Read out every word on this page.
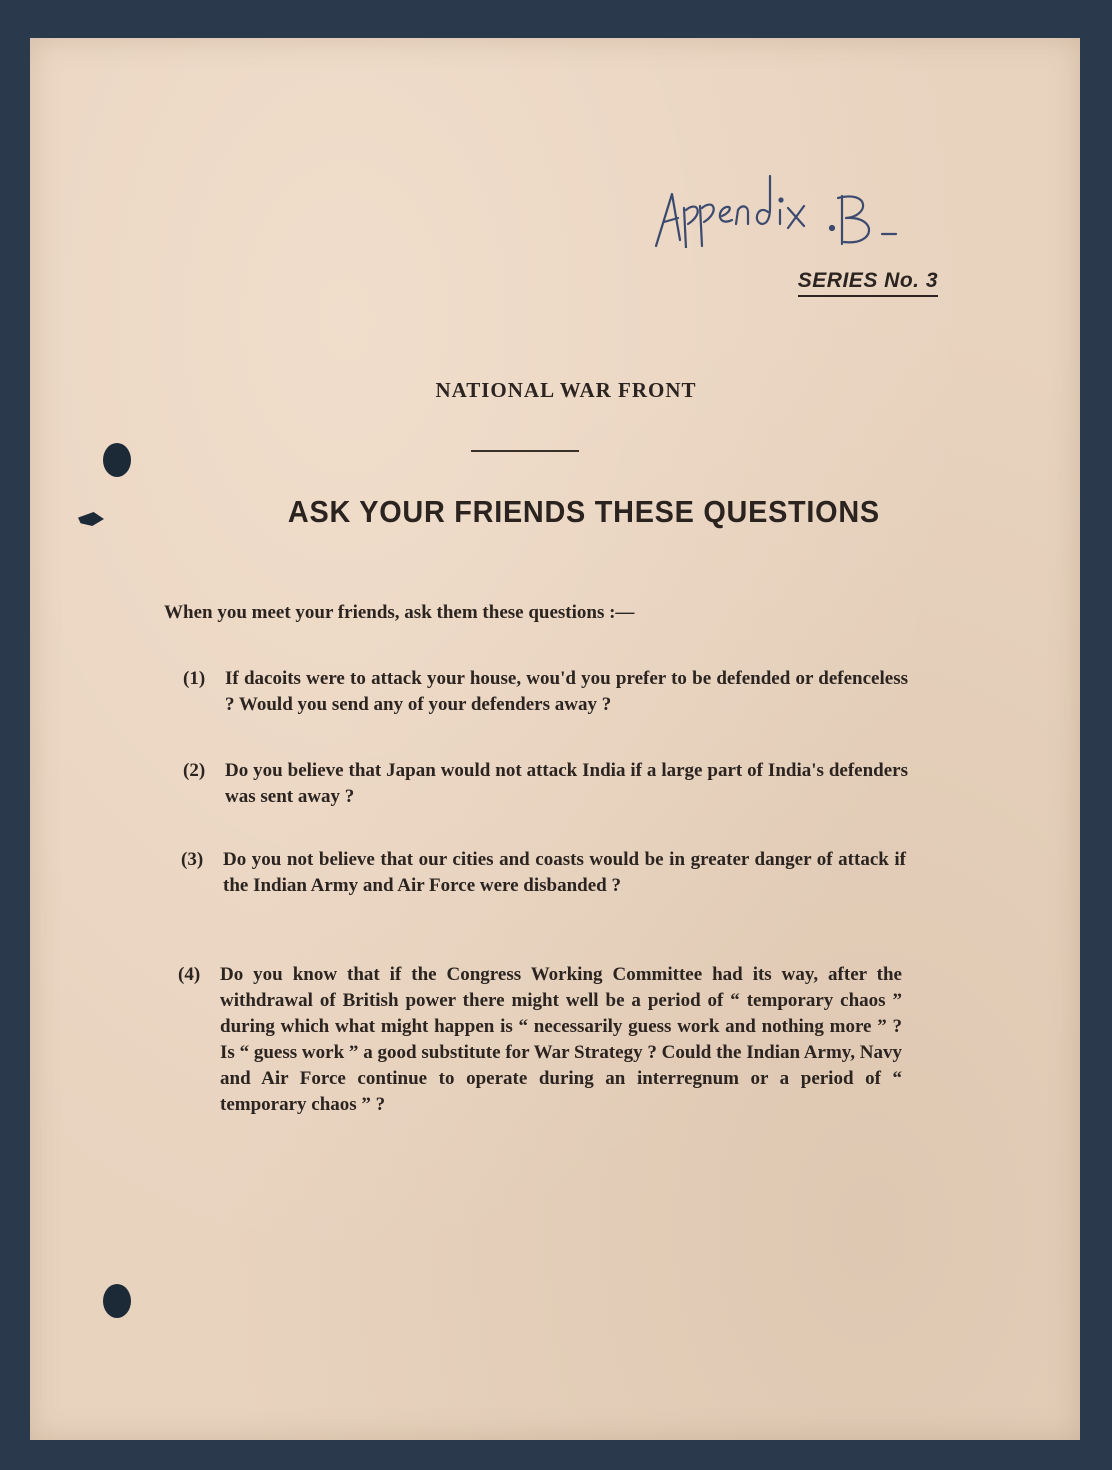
SERIES No. 3
NATIONAL WAR FRONT
ASK YOUR FRIENDS THESE QUESTIONS
When you meet your friends, ask them these questions :—
(1)	If dacoits were to attack your house, wou'd you prefer to be defended or defenceless ? Would you send any of your defenders away ?
(2)	Do you believe that Japan would not attack India if a large part of India's defenders was sent away ?
(3)	Do you not believe that our cities and coasts would be in greater danger of attack if the Indian Army and Air Force were disbanded ?
(4)	Do you know that if the Congress Working Committee had its way, after the withdrawal of British power there might well be a period of “ temporary chaos ” during which what might happen is “ necessarily guess work and nothing more ” ? Is “ guess work ” a good substitute for War Strategy ? Could the Indian Army, Navy and Air Force continue to operate during an interregnum or a period of “ temporary chaos ” ?
